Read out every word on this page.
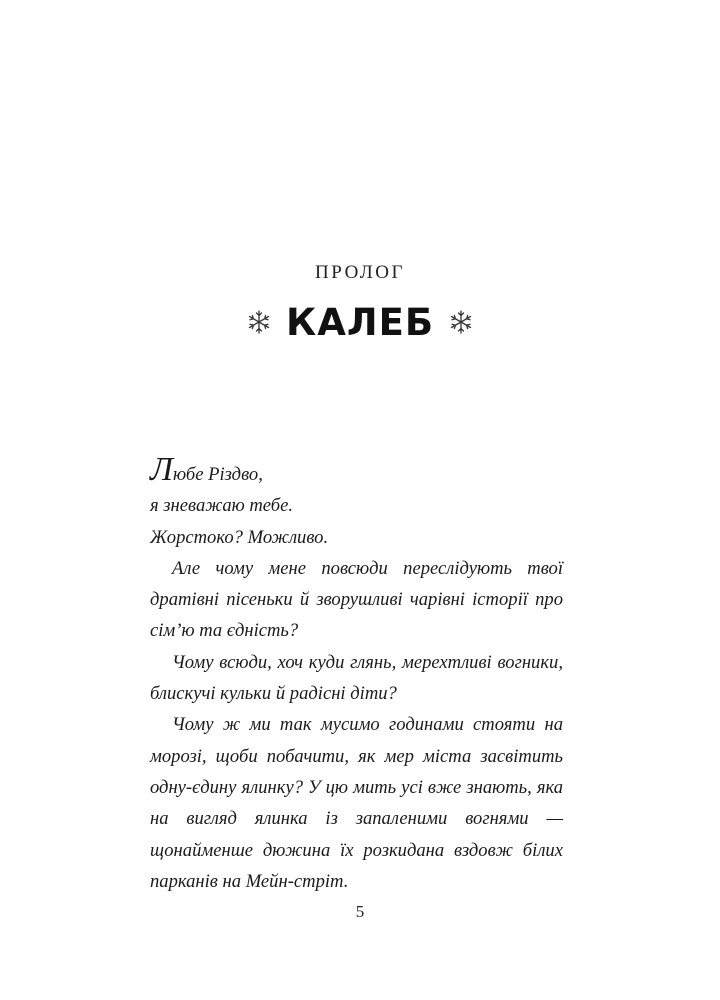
ПРОЛОГ
КАЛЕБ

Любе Різдво,

я зневажаю тебе.

Жорстоко? Можливо.

Але чому мене повсюди переслідують твої дратівні пісеньки й зворушливі чарівні історії про сім’ю та єдність?

Чому всюди, хоч куди глянь, мерехтливі вогники, блискучі кульки й радісні діти?

Чому ж ми так мусимо годинами стояти на морозі, щоби побачити, як мер міста засвітить одну-єдину ялинку? У цю мить усі вже знають, яка на вигляд ялинка із запаленими вогнями — щонайменше дюжина їх розкидана вздовж білих парканів на Мейн-стріт.

5
